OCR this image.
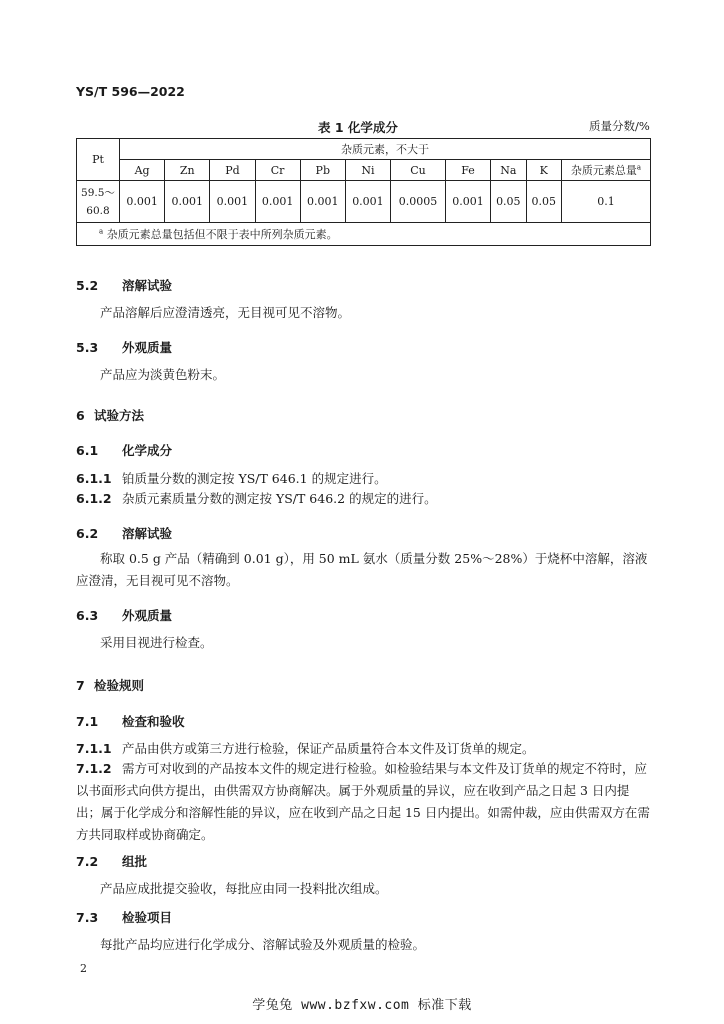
YS/T 596—2022
表 1 化学成分	质量分数/%
Pt	杂质元素，不大于										
	Ag	Zn	Pd	Cr	Pb	Ni	Cu	Fe	Na	K	杂质元素总量$^a$

59.5～
60.8	0.001	0.001	0.001	0.001	0.001	0.001	0.0005	0.001	0.05	0.05	0.1
$^a$ 杂质元素总量包括但不限于表中所列杂质元素。											
5.2 溶解试验
产品溶解后应澄清透亮，无目视可见不溶物。
5.3 外观质量
产品应为淡黄色粉末。
6 试验方法
6.1 化学成分
6.1.1 铂质量分数的测定按 YS/T 646.1 的规定进行。
6.1.2 杂质元素质量分数的测定按 YS/T 646.2 的规定的进行。
6.2 溶解试验
称取 0.5 g 产品（精确到 0.01 g），用 50 mL 氨水（质量分数 25%～28%）于烧杯中溶解，溶液应澄清，无目视可见不溶物。
6.3 外观质量
采用目视进行检查。
7 检验规则
7.1 检查和验收
7.1.1 产品由供方或第三方进行检验，保证产品质量符合本文件及订货单的规定。
7.1.2 需方可对收到的产品按本文件的规定进行检验。如检验结果与本文件及订货单的规定不符时，应以书面形式向供方提出，由供需双方协商解决。属于外观质量的异议，应在收到产品之日起 3 日内提出；属于化学成分和溶解性能的异议，应在收到产品之日起 15 日内提出。如需仲裁，应由供需双方在需方共同取样或协商确定。
7.2 组批
产品应成批提交验收，每批应由同一投料批次组成。
7.3 检验项目
每批产品均应进行化学成分、溶解试验及外观质量的检验。
2
学兔兔 www.bzfxw.com 标准下载
